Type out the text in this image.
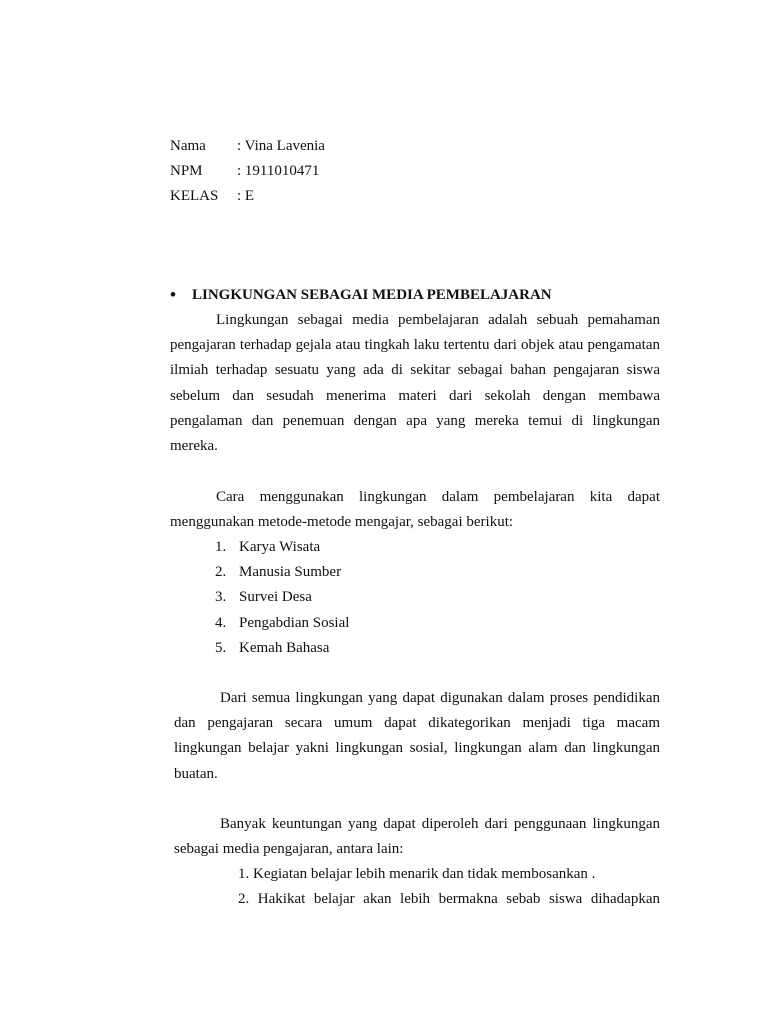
Nama	: Vina Lavenia
NPM	: 1911010471
KELAS	: E
•	LINGKUNGAN SEBAGAI MEDIA PEMBELAJARAN
Lingkungan sebagai media pembelajaran adalah sebuah pemahaman pengajaran terhadap gejala atau tingkah laku tertentu dari objek atau pengamatan ilmiah terhadap sesuatu yang ada di sekitar sebagai bahan pengajaran siswa sebelum dan sesudah menerima materi dari sekolah dengan membawa pengalaman dan penemuan dengan apa yang mereka temui di lingkungan mereka.
Cara menggunakan lingkungan dalam pembelajaran kita dapat menggunakan metode-metode mengajar, sebagai berikut:
1. Karya Wisata
2. Manusia Sumber
3. Survei Desa
4. Pengabdian Sosial
5. Kemah Bahasa
Dari semua lingkungan yang dapat digunakan dalam proses pendidikan dan pengajaran secara umum dapat dikategorikan menjadi tiga macam lingkungan belajar yakni lingkungan sosial, lingkungan alam dan lingkungan buatan.
Banyak keuntungan yang dapat diperoleh dari penggunaan lingkungan sebagai media pengajaran, antara lain:
1. Kegiatan belajar lebih menarik dan tidak membosankan .
2. Hakikat belajar akan lebih bermakna sebab siswa dihadapkan
